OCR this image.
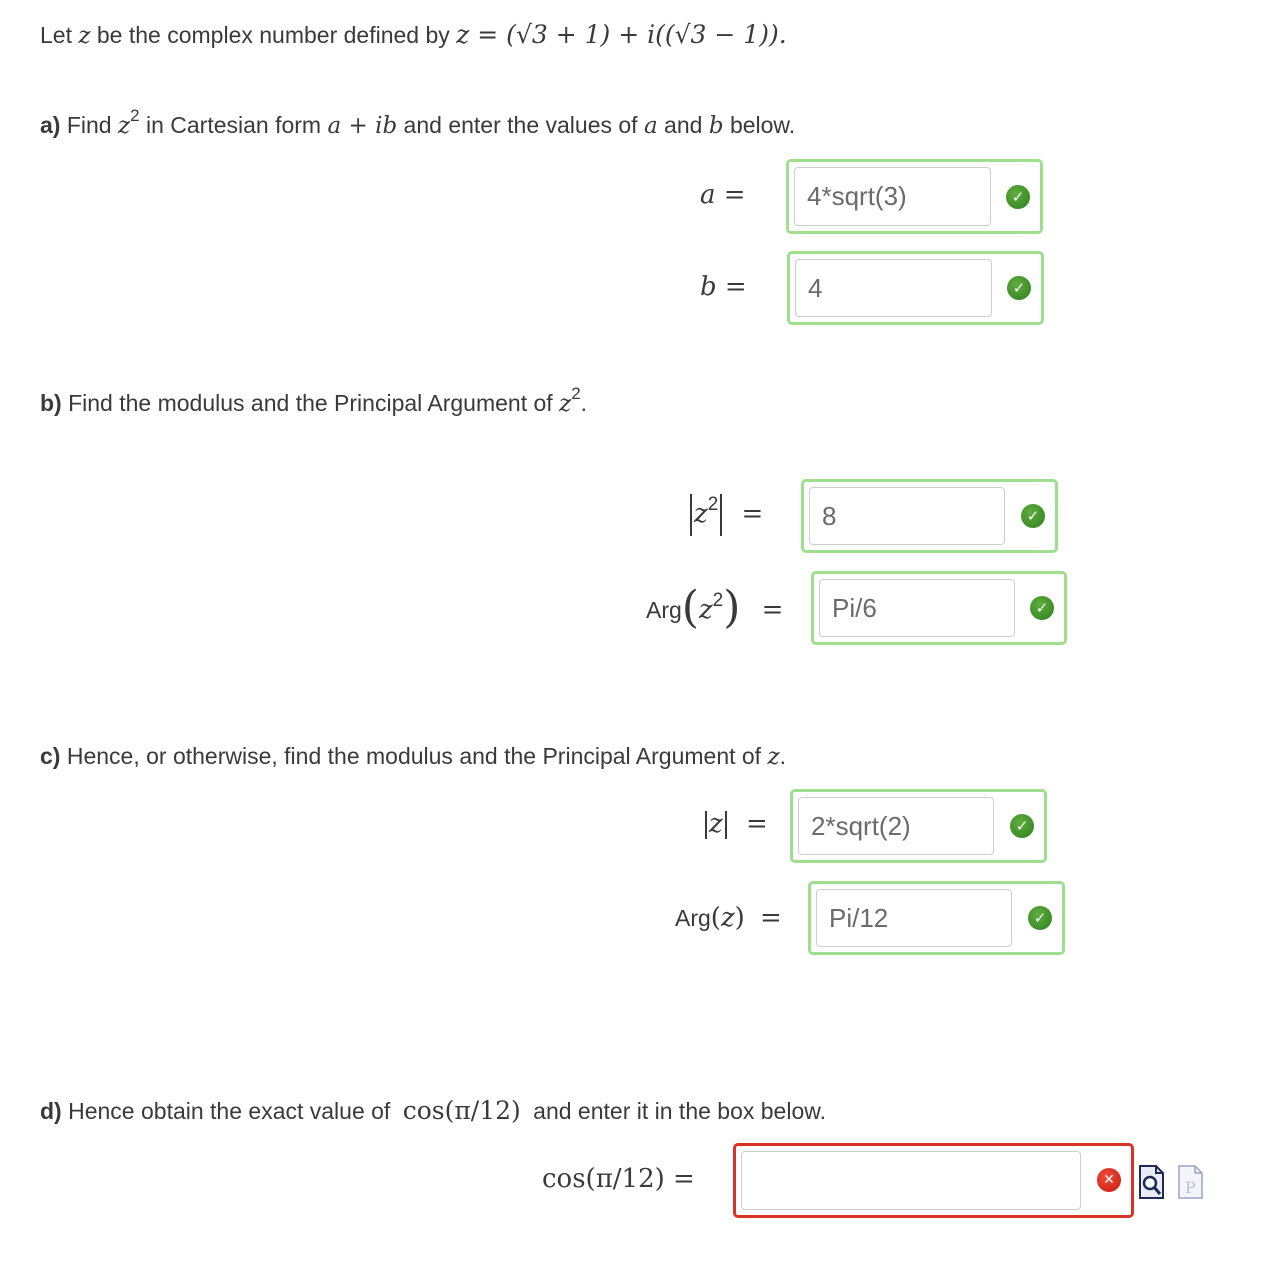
Let z be the complex number defined by z = (√3 + 1) + i((√3 − 1)).
a) Find $z^2$ in Cartesian form a + ib and enter the values of a and b below.
a =	4*sqrt(3)	✓
b =	4	✓
b) Find the modulus and the Principal Argument of $z^2$.
$z^2$ =	8	✓
$Arg(z^2)$ =	Pi/6	✓
c) Hence, or otherwise, find the modulus and the Principal Argument of z.
z =	2*sqrt(2)	✓
Arg(z) =	Pi/12	✓
d) Hence obtain the exact value of cos(π/12) and enter it in the box below.
cos(π/12) =	✕	P
